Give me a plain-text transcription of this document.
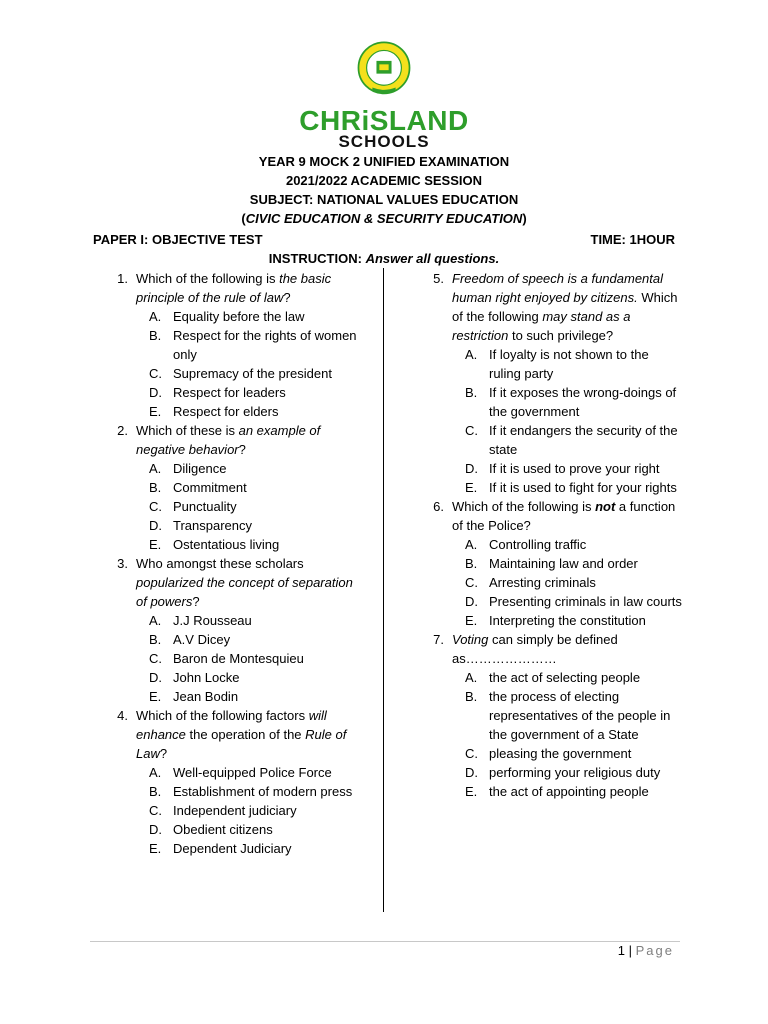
CHRiSLAND
SCHOOLS
YEAR 9 MOCK 2 UNIFIED EXAMINATION
2021/2022 ACADEMIC SESSION
SUBJECT: NATIONAL VALUES EDUCATION
(CIVIC EDUCATION & SECURITY EDUCATION)
PAPER I: OBJECTIVE TEST	TIME: 1HOUR
INSTRUCTION: Answer all questions.
1. Which of the following is the basic principle of the rule of law?
A. Equality before the law
B. Respect for the rights of women only
C. Supremacy of the president
D. Respect for leaders
E. Respect for elders
2. Which of these is an example of negative behavior?
A. Diligence
B. Commitment
C. Punctuality
D. Transparency
E. Ostentatious living
3. Who amongst these scholars popularized the concept of separation of powers?
A. J.J Rousseau
B. A.V Dicey
C. Baron de Montesquieu
D. John Locke
E. Jean Bodin
4. Which of the following factors will enhance the operation of the Rule of Law?
A. Well-equipped Police Force
B. Establishment of modern press
C. Independent judiciary
D. Obedient citizens
E. Dependent Judiciary
5. Freedom of speech is a fundamental human right enjoyed by citizens. Which of the following may stand as a restriction to such privilege?
A. If loyalty is not shown to the ruling party
B. If it exposes the wrong-doings of the government
C. If it endangers the security of the state
D. If it is used to prove your right
E. If it is used to fight for your rights
6. Which of the following is not a function of the Police?
A. Controlling traffic
B. Maintaining law and order
C. Arresting criminals
D. Presenting criminals in law courts
E. Interpreting the constitution
7. Voting can simply be defined as…………………
A. the act of selecting people
B. the process of electing representatives of the people in the government of a State
C. pleasing the government
D. performing your religious duty
E. the act of appointing people
1 | Page
